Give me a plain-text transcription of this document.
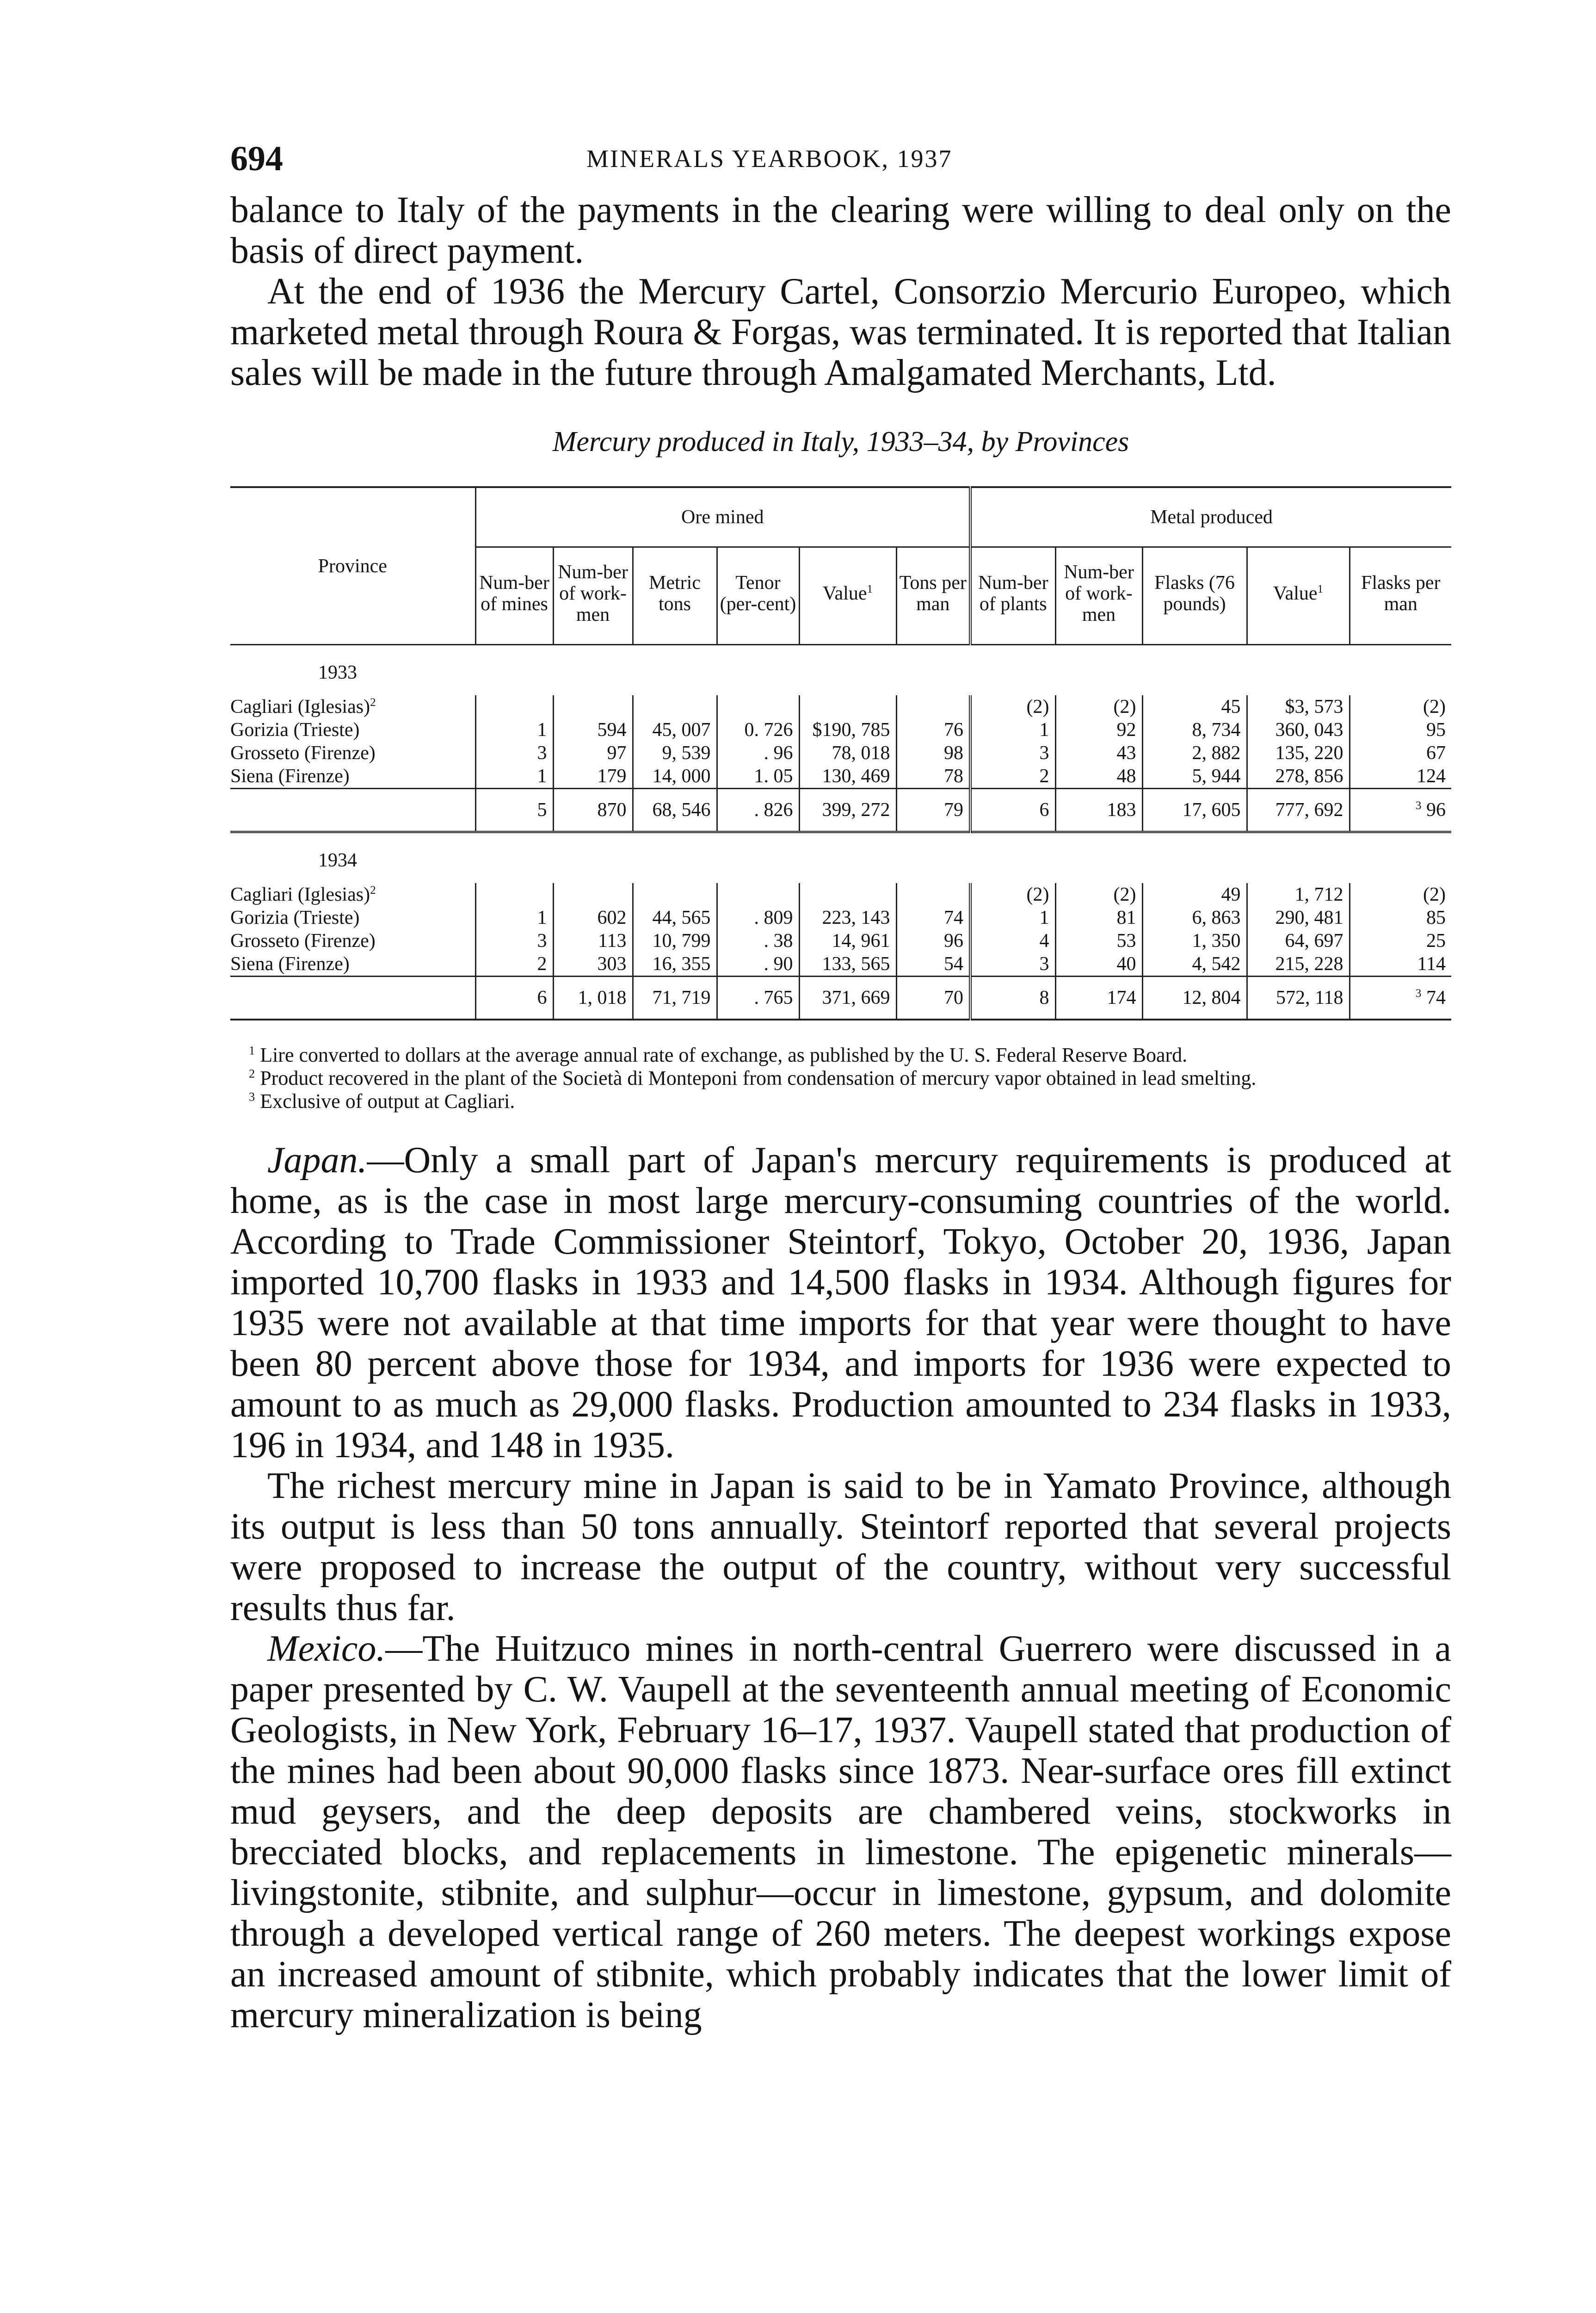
694	MINERALS YEARBOOK, 1937

balance to Italy of the payments in the clearing were willing to deal only on the basis of direct payment.

At the end of 1936 the Mercury Cartel, Consorzio Mercurio Europeo, which marketed metal through Roura & Forgas, was terminated. It is reported that Italian sales will be made in the future through Amalgamated Merchants, Ltd.

Mercury produced in Italy, 1933–34, by Provinces
Province	Ore mined						Metal produced				
	Num-ber of mines	Num-ber of work-men	Metric tons	Tenor (per-cent)	Value$^1$	Tons per man	Num-ber of plants	Num-ber of work-men	Flasks (76 pounds)	Value$^1$	Flasks per man
1933											
Cagliari (Iglesias)$^2$							(2)	(2)	45	$3, 573	(2)
Gorizia (Trieste)	1	594	45, 007	0. 726	$190, 785	76	1	92	8, 734	360, 043	95
Grosseto (Firenze)	3	97	9, 539	. 96	78, 018	98	3	43	2, 882	135, 220	67
Siena (Firenze)	1	179	14, 000	1. 05	130, 469	78	2	48	5, 944	278, 856	124
	5	870	68, 546	. 826	399, 272	79	6	183	17, 605	777, 692	$^3$ 96
1934											
Cagliari (Iglesias)$^2$							(2)	(2)	49	1, 712	(2)
Gorizia (Trieste)	1	602	44, 565	. 809	223, 143	74	1	81	6, 863	290, 481	85
Grosseto (Firenze)	3	113	10, 799	. 38	14, 961	96	4	53	1, 350	64, 697	25
Siena (Firenze)	2	303	16, 355	. 90	133, 565	54	3	40	4, 542	215, 228	114
	6	1, 018	71, 719	. 765	371, 669	70	8	174	12, 804	572, 118	$^3$ 74
$^1$ Lire converted to dollars at the average annual rate of exchange, as published by the U. S. Federal Reserve Board.
$^2$ Product recovered in the plant of the Società di Monteponi from condensation of mercury vapor obtained in lead smelting.
$^3$ Exclusive of output at Cagliari.

Japan.—Only a small part of Japan's mercury requirements is produced at home, as is the case in most large mercury-consuming countries of the world. According to Trade Commissioner Steintorf, Tokyo, October 20, 1936, Japan imported 10,700 flasks in 1933 and 14,500 flasks in 1934. Although figures for 1935 were not available at that time imports for that year were thought to have been 80 percent above those for 1934, and imports for 1936 were expected to amount to as much as 29,000 flasks. Production amounted to 234 flasks in 1933, 196 in 1934, and 148 in 1935.

The richest mercury mine in Japan is said to be in Yamato Province, although its output is less than 50 tons annually. Steintorf reported that several projects were proposed to increase the output of the country, without very successful results thus far.

Mexico.—The Huitzuco mines in north-central Guerrero were discussed in a paper presented by C. W. Vaupell at the seventeenth annual meeting of Economic Geologists, in New York, February 16–17, 1937. Vaupell stated that production of the mines had been about 90,000 flasks since 1873. Near-surface ores fill extinct mud geysers, and the deep deposits are chambered veins, stockworks in brecciated blocks, and replacements in limestone. The epigenetic minerals—livingstonite, stibnite, and sulphur—occur in limestone, gypsum, and dolomite through a developed vertical range of 260 meters. The deepest workings expose an increased amount of stibnite, which probably indicates that the lower limit of mercury mineralization is being
